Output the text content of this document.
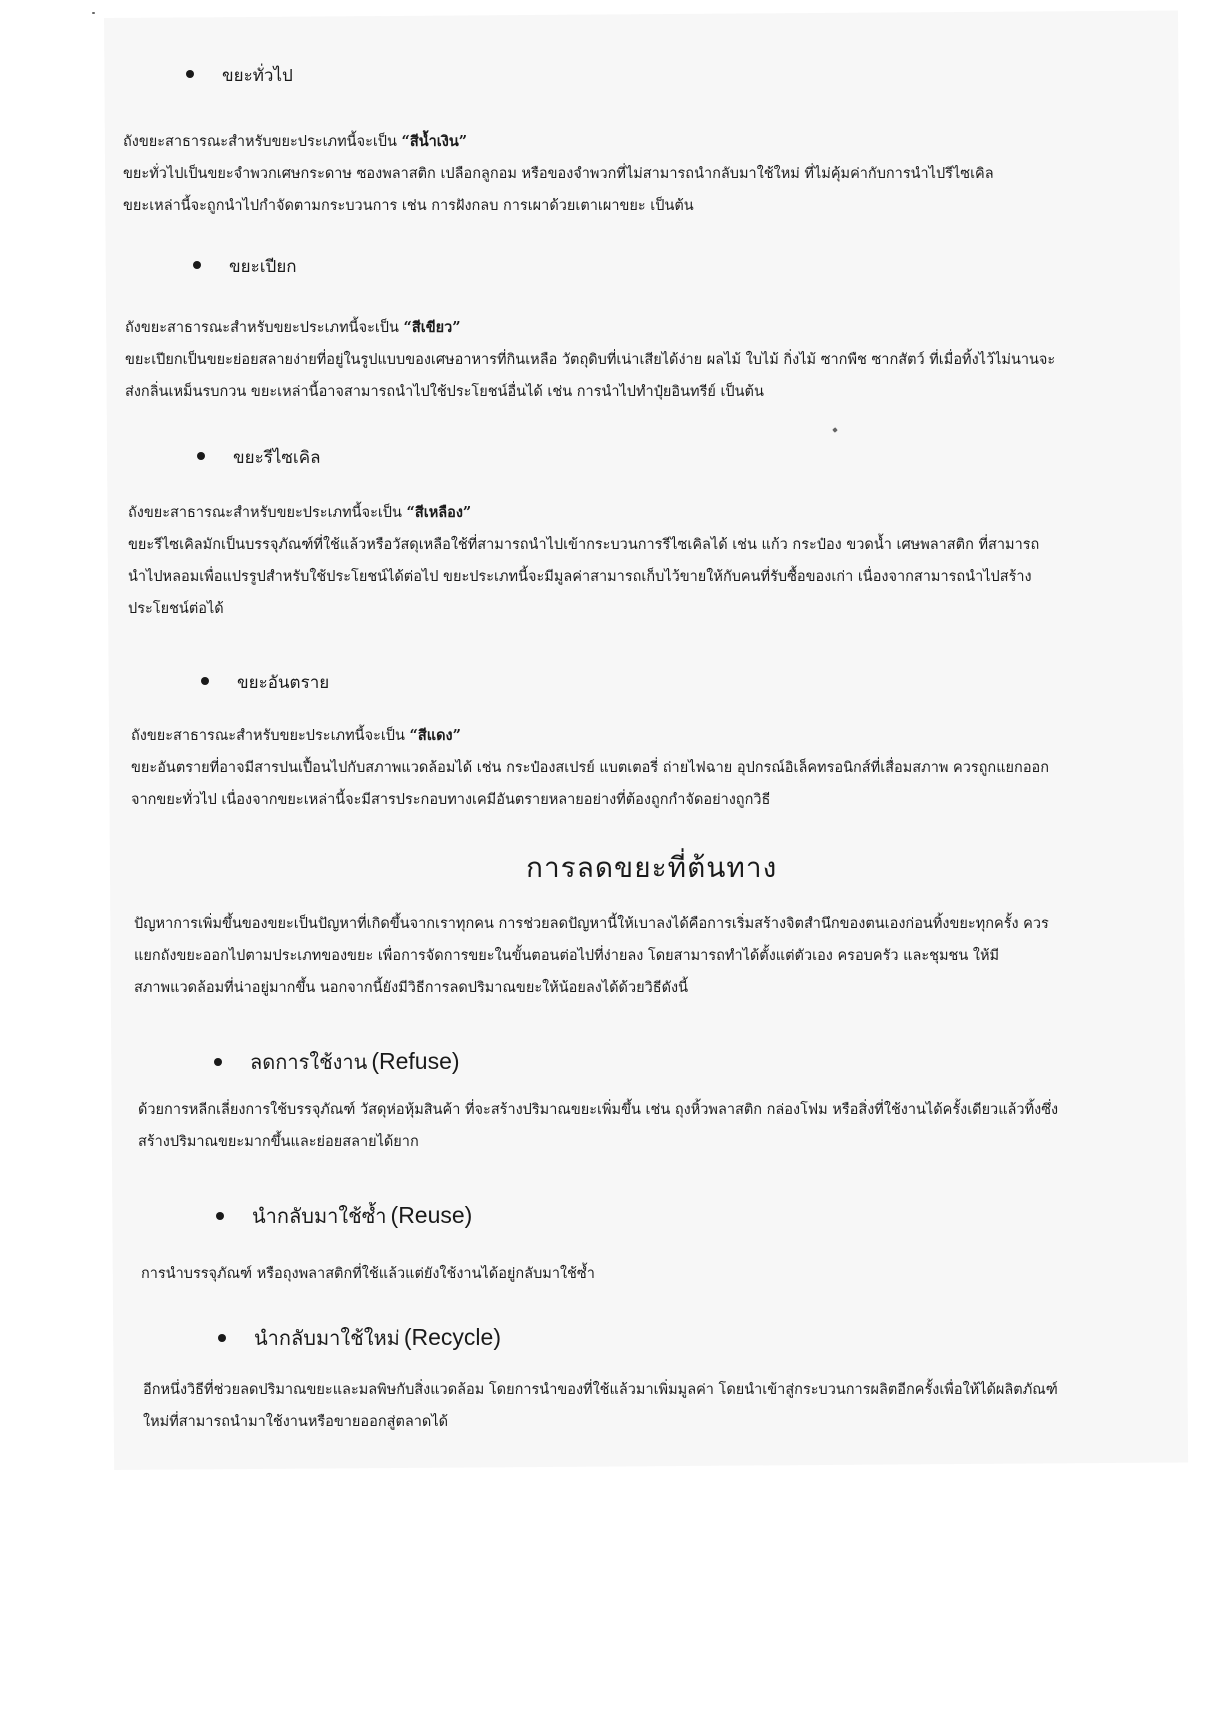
ขยะทั่วไป

ถังขยะสาธารณะสำหรับขยะประเภทนี้จะเป็น “สีน้ำเงิน”

ขยะทั่วไปเป็นขยะจำพวกเศษกระดาษ ซองพลาสติก เปลือกลูกอม หรือของจำพวกที่ไม่สามารถนำกลับมาใช้ใหม่ ที่ไม่คุ้มค่ากับการนำไปรีไซเคิล

ขยะเหล่านี้จะถูกนำไปกำจัดตามกระบวนการ เช่น การฝังกลบ การเผาด้วยเตาเผาขยะ เป็นต้น

ขยะเปียก

ถังขยะสาธารณะสำหรับขยะประเภทนี้จะเป็น “สีเขียว”

ขยะเปียกเป็นขยะย่อยสลายง่ายที่อยู่ในรูปแบบของเศษอาหารที่กินเหลือ วัตถุดิบที่เน่าเสียได้ง่าย ผลไม้ ใบไม้ กิ่งไม้ ซากพืช ซากสัตว์ ที่เมื่อทิ้งไว้ไม่นานจะ

ส่งกลิ่นเหม็นรบกวน ขยะเหล่านี้อาจสามารถนำไปใช้ประโยชน์อื่นได้ เช่น การนำไปทำปุ๋ยอินทรีย์ เป็นต้น

ขยะรีไซเคิล

ถังขยะสาธารณะสำหรับขยะประเภทนี้จะเป็น “สีเหลือง”

ขยะรีไซเคิลมักเป็นบรรจุภัณฑ์ที่ใช้แล้วหรือวัสดุเหลือใช้ที่สามารถนำไปเข้ากระบวนการรีไซเคิลได้ เช่น แก้ว กระป๋อง ขวดน้ำ เศษพลาสติก ที่สามารถ

นำไปหลอมเพื่อแปรรูปสำหรับใช้ประโยชน์ได้ต่อไป ขยะประเภทนี้จะมีมูลค่าสามารถเก็บไว้ขายให้กับคนที่รับซื้อของเก่า เนื่องจากสามารถนำไปสร้าง

ประโยชน์ต่อได้

ขยะอันตราย

ถังขยะสาธารณะสำหรับขยะประเภทนี้จะเป็น “สีแดง”

ขยะอันตรายที่อาจมีสารปนเปื้อนไปกับสภาพแวดล้อมได้ เช่น กระป๋องสเปรย์ แบตเตอรี่ ถ่ายไฟฉาย อุปกรณ์อิเล็คทรอนิกส์ที่เสื่อมสภาพ ควรถูกแยกออก

จากขยะทั่วไป เนื่องจากขยะเหล่านี้จะมีสารประกอบทางเคมีอันตรายหลายอย่างที่ต้องถูกกำจัดอย่างถูกวิธี

การลดขยะที่ต้นทาง

ปัญหาการเพิ่มขึ้นของขยะเป็นปัญหาที่เกิดขึ้นจากเราทุกคน การช่วยลดปัญหานี้ให้เบาลงได้คือการเริ่มสร้างจิตสำนึกของตนเองก่อนทิ้งขยะทุกครั้ง ควร

แยกถังขยะออกไปตามประเภทของขยะ เพื่อการจัดการขยะในขั้นตอนต่อไปที่ง่ายลง โดยสามารถทำได้ตั้งแต่ตัวเอง ครอบครัว และชุมชน ให้มี

สภาพแวดล้อมที่น่าอยู่มากขึ้น นอกจากนี้ยังมีวิธีการลดปริมาณขยะให้น้อยลงได้ด้วยวิธีดังนี้

ลดการใช้งาน (Refuse)

ด้วยการหลีกเลี่ยงการใช้บรรจุภัณฑ์ วัสดุห่อหุ้มสินค้า ที่จะสร้างปริมาณขยะเพิ่มขึ้น เช่น ถุงหิ้วพลาสติก กล่องโฟม หรือสิ่งที่ใช้งานได้ครั้งเดียวแล้วทิ้งซึ่ง

สร้างปริมาณขยะมากขึ้นและย่อยสลายได้ยาก

นำกลับมาใช้ซ้ำ (Reuse)

การนำบรรจุภัณฑ์ หรือถุงพลาสติกที่ใช้แล้วแต่ยังใช้งานได้อยู่กลับมาใช้ซ้ำ

นำกลับมาใช้ใหม่ (Recycle)

อีกหนึ่งวิธีที่ช่วยลดปริมาณขยะและมลพิษกับสิ่งแวดล้อม โดยการนำของที่ใช้แล้วมาเพิ่มมูลค่า โดยนำเข้าสู่กระบวนการผลิตอีกครั้งเพื่อให้ได้ผลิตภัณฑ์

ใหม่ที่สามารถนำมาใช้งานหรือขายออกสู่ตลาดได้
